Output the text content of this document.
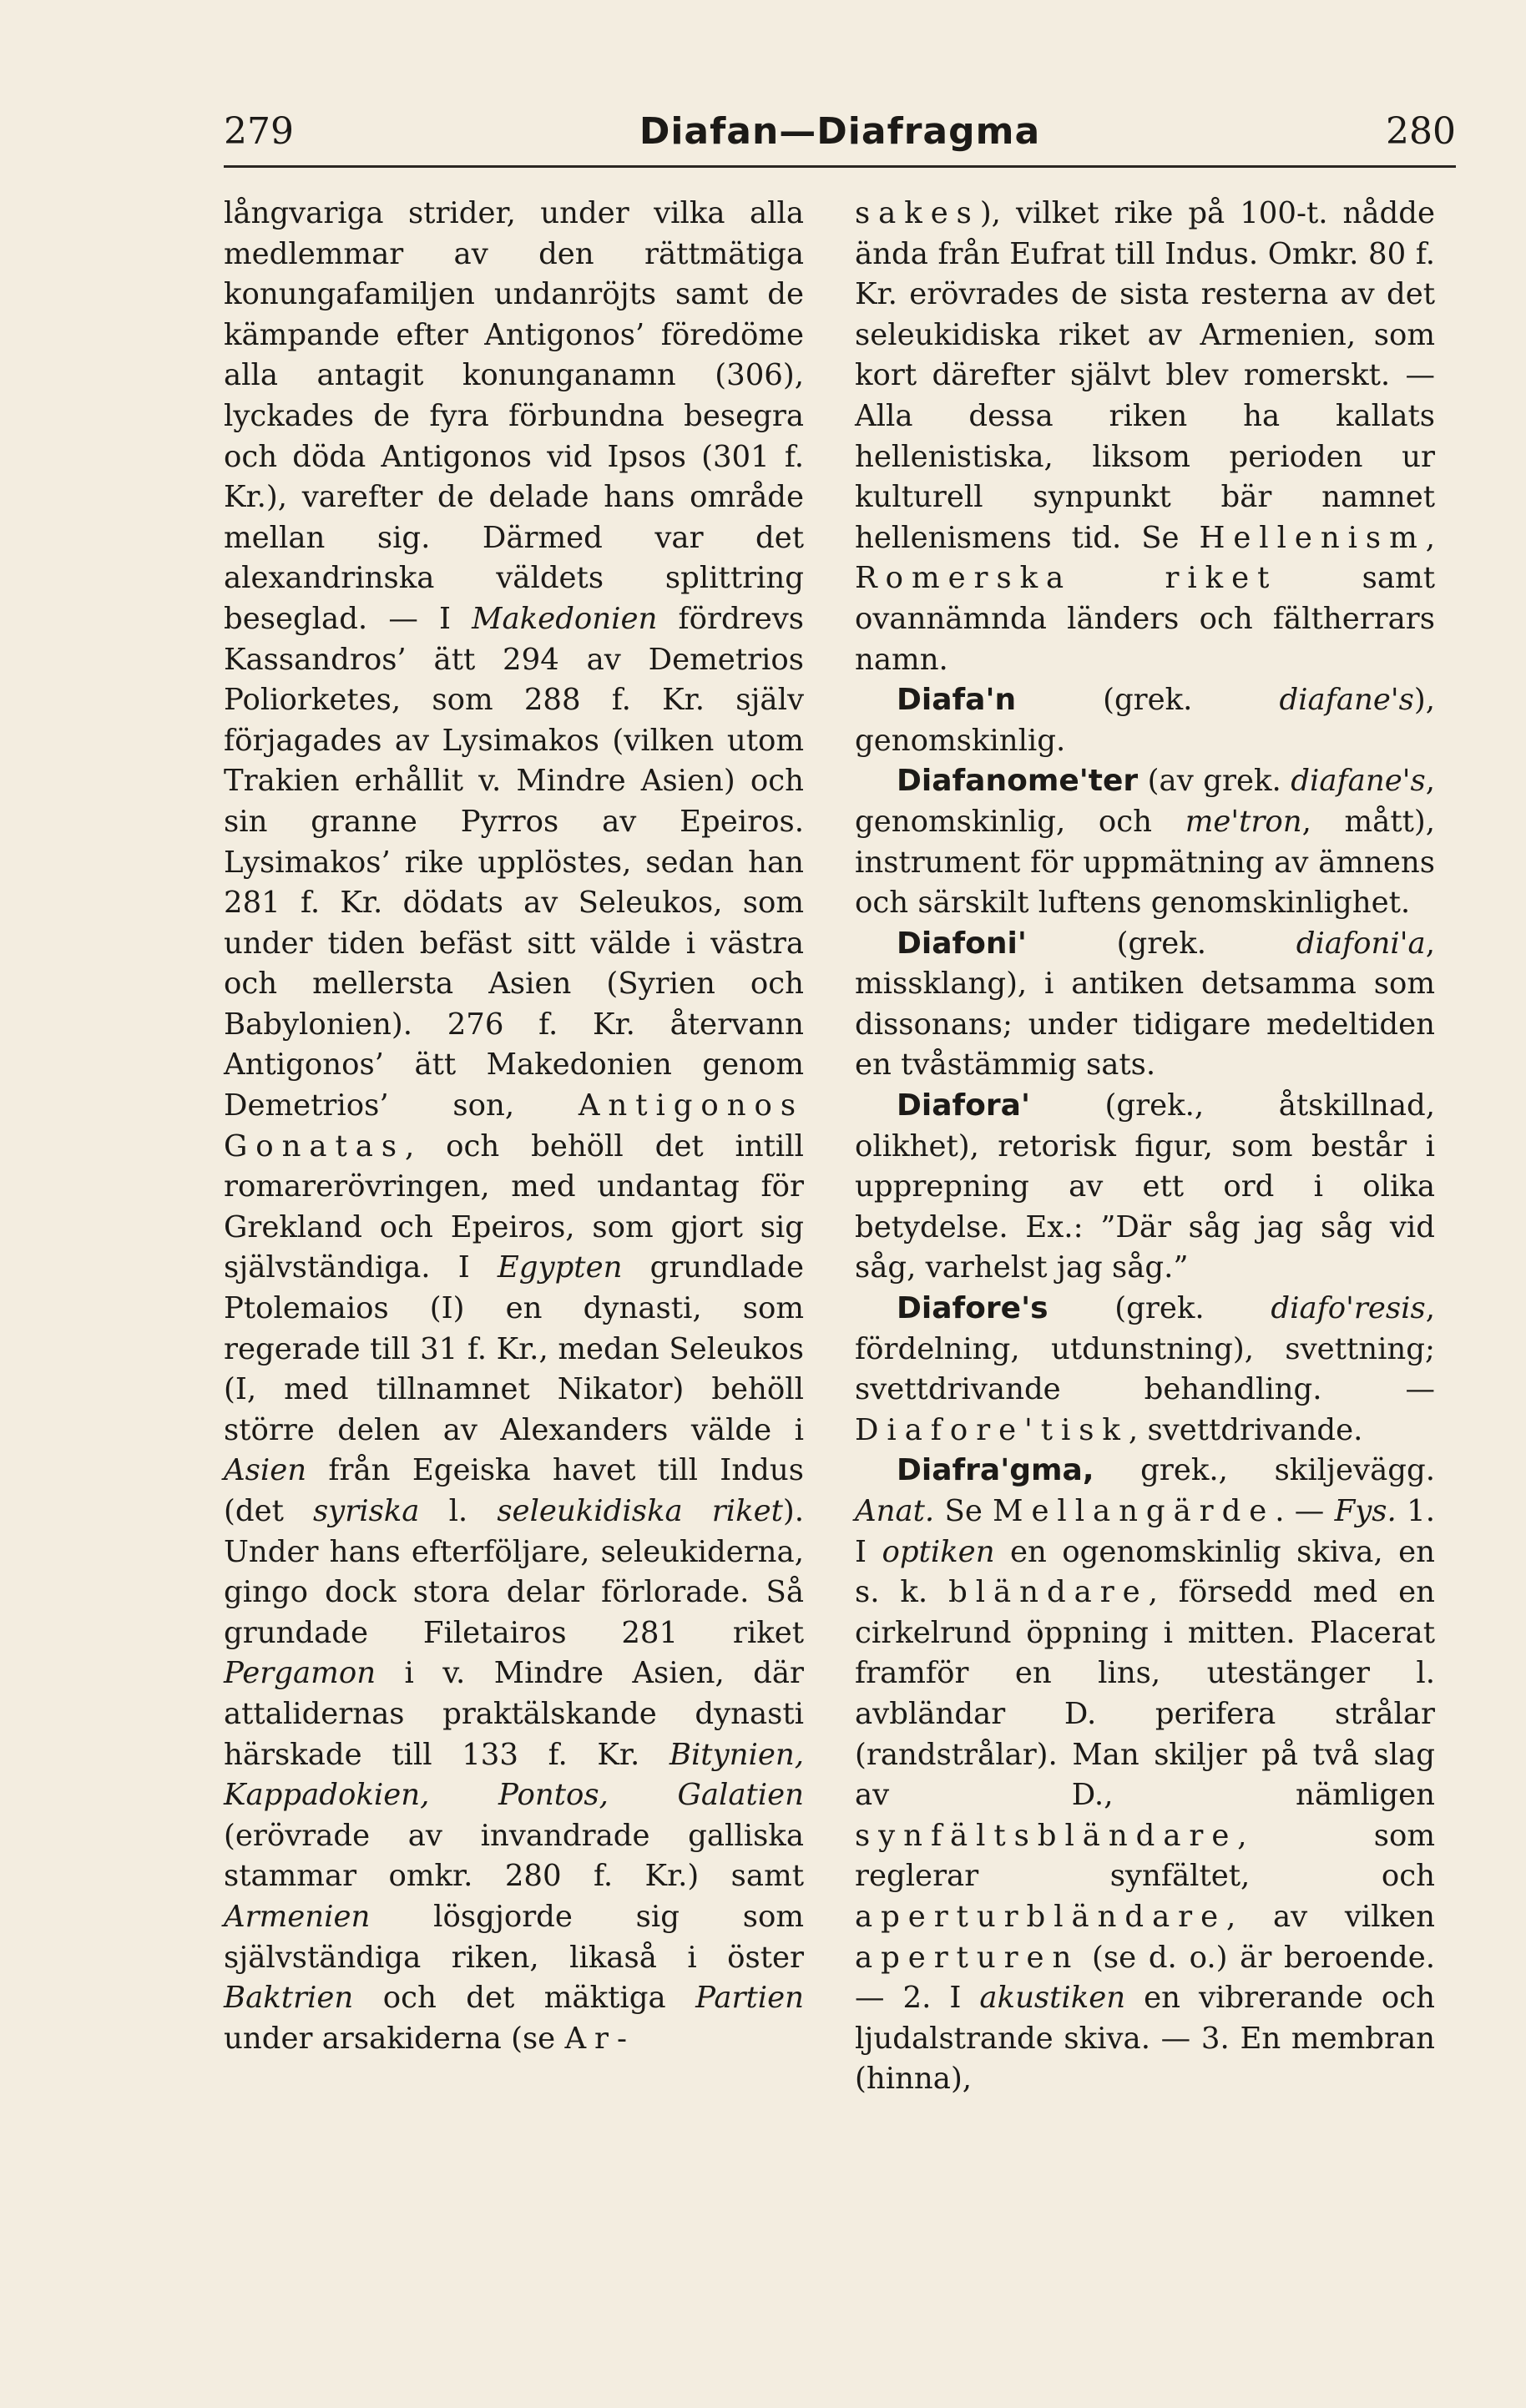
279	Diafan—Diafragma	280

långvariga strider, under vilka alla medlemmar av den rättmätiga konungafamiljen undanröjts samt de kämpande efter Antigonos’ föredöme alla antagit konunganamn (306), lyckades de fyra förbundna besegra och döda Antigonos vid Ipsos (301 f. Kr.), varefter de delade hans område mellan sig. Därmed var det alexandrinska väldets splittring beseglad. — I Makedonien fördrevs Kassandros’ ätt 294 av Demetrios Poliorketes, som 288 f. Kr. själv förjagades av Lysimakos (vilken utom Trakien erhållit v. Mindre Asien) och sin granne Pyrros av Epeiros. Lysimakos’ rike upplöstes, sedan han 281 f. Kr. dödats av Seleukos, som under tiden befäst sitt välde i västra och mellersta Asien (Syrien och Babylonien). 276 f. Kr. återvann Antigonos’ ätt Makedonien genom Demetrios’ son, Antigonos Gonatas, och behöll det intill romarerövringen, med undantag för Grekland och Epeiros, som gjort sig självständiga. I Egypten grundlade Ptolemaios (I) en dynasti, som regerade till 31 f. Kr., medan Seleukos (I, med tillnamnet Nikator) behöll större delen av Alexanders välde i Asien från Egeiska havet till Indus (det syriska l. seleukidiska riket). Under hans efterföljare, seleukiderna, gingo dock stora delar förlorade. Så grundade Filetairos 281 riket Pergamon i v. Mindre Asien, där attalidernas praktälskande dynasti härskade till 133 f. Kr. Bitynien, Kappadokien, Pontos, Galatien (erövrade av invandrade galliska stammar omkr. 280 f. Kr.) samt Armenien lösgjorde sig som självständiga riken, likaså i öster Baktrien och det mäktiga Partien under arsakiderna (se Ar-

sakes), vilket rike på 100-t. nådde ända från Eufrat till Indus. Omkr. 80 f. Kr. erövrades de sista resterna av det seleukidiska riket av Armenien, som kort därefter självt blev romerskt. — Alla dessa riken ha kallats hellenistiska, liksom perioden ur kulturell synpunkt bär namnet hellenismens tid. Se Hellenism, Romerska riket samt ovannämnda länders och fältherrars namn.

Diafa'n (grek. diafane's), genomskinlig.

Diafanome'ter (av grek. diafane's, genomskinlig, och me'tron, mått), instrument för uppmätning av ämnens och särskilt luftens genomskinlighet.

Diafoni' (grek. diafoni'a, missklang), i antiken detsamma som dissonans; under tidigare medeltiden en tvåstämmig sats.

Diafora' (grek., åtskillnad, olikhet), retorisk figur, som består i upprepning av ett ord i olika betydelse. Ex.: ”Där såg jag såg vid såg, varhelst jag såg.”

Diafore's (grek. diafo'resis, fördelning, utdunstning), svettning; svettdrivande behandling. — Diafore'tisk, svettdrivande.

Diafra'gma, grek., skiljevägg. Anat. Se Mellangärde. — Fys. 1. I optiken en ogenomskinlig skiva, en s. k. bländare, försedd med en cirkelrund öppning i mitten. Placerat framför en lins, utestänger l. avbländar D. perifera strålar (randstrålar). Man skiljer på två slag av D., nämligen synfältsbländare, som reglerar synfältet, och aperturbländare, av vilken aperturen (se d. o.) är beroende. — 2. I akustiken en vibrerande och ljudalstrande skiva. — 3. En membran (hinna),
